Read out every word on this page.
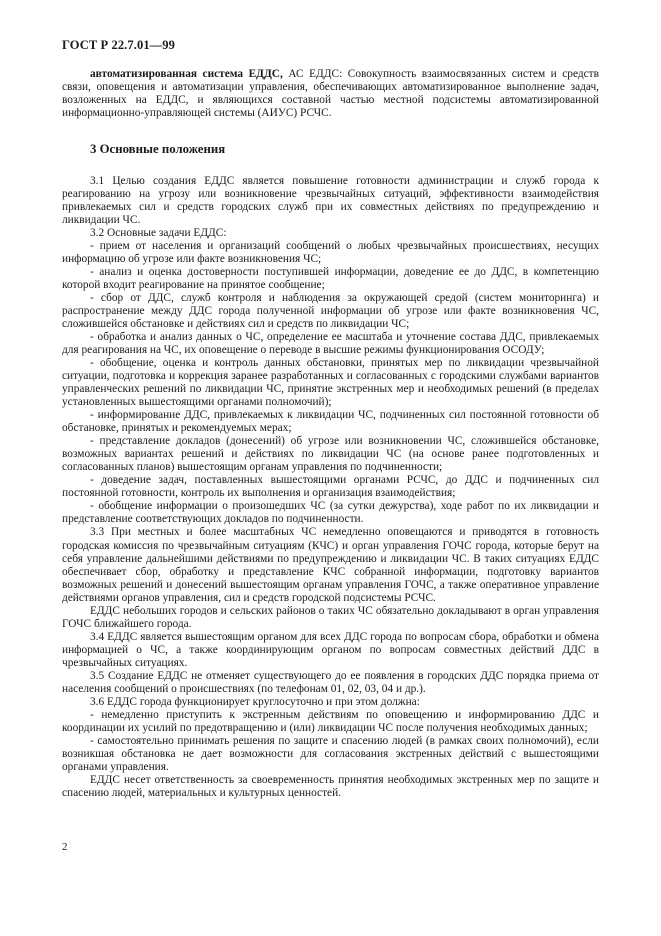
ГОСТ Р 22.7.01—99

автоматизированная система ЕДДС, АС ЕДДС: Совокупность взаимосвязанных систем и средств связи, оповещения и автоматизации управления, обеспечивающих автоматизированное выполнение задач, возложенных на ЕДДС, и являющихся составной частью местной подсистемы автоматизированной информационно-управляющей системы (АИУС) РСЧС.

3 Основные положения

3.1 Целью создания ЕДДС является повышение готовности администрации и служб города к реагированию на угрозу или возникновение чрезвычайных ситуаций, эффективности взаимодействия привлекаемых сил и средств городских служб при их совместных действиях по предупреждению и ликвидации ЧС.

3.2 Основные задачи ЕДДС:

- прием от населения и организаций сообщений о любых чрезвычайных происшествиях, несущих информацию об угрозе или факте возникновения ЧС;

- анализ и оценка достоверности поступившей информации, доведение ее до ДДС, в компетенцию которой входит реагирование на принятое сообщение;

- сбор от ДДС, служб контроля и наблюдения за окружающей средой (систем мониторинга) и распространение между ДДС города полученной информации об угрозе или факте возникновения ЧС, сложившейся обстановке и действиях сил и средств по ликвидации ЧС;

- обработка и анализ данных о ЧС, определение ее масштаба и уточнение состава ДДС, привлекаемых для реагирования на ЧС, их оповещение о переводе в высшие режимы функционирования ОСОДУ;

- обобщение, оценка и контроль данных обстановки, принятых мер по ликвидации чрезвычайной ситуации, подготовка и коррекция заранее разработанных и согласованных с городскими службами вариантов управленческих решений по ликвидации ЧС, принятие экстренных мер и необходимых решений (в пределах установленных вышестоящими органами полномочий);

- информирование ДДС, привлекаемых к ликвидации ЧС, подчиненных сил постоянной готовности об обстановке, принятых и рекомендуемых мерах;

- представление докладов (донесений) об угрозе или возникновении ЧС, сложившейся обстановке, возможных вариантах решений и действиях по ликвидации ЧС (на основе ранее подготовленных и согласованных планов) вышестоящим органам управления по подчиненности;

- доведение задач, поставленных вышестоящими органами РСЧС, до ДДС и подчиненных сил постоянной готовности, контроль их выполнения и организация взаимодействия;

- обобщение информации о произошедших ЧС (за сутки дежурства), ходе работ по их ликвидации и представление соответствующих докладов по подчиненности.

3.3 При местных и более масштабных ЧС немедленно оповещаются и приводятся в готовность городская комиссия по чрезвычайным ситуациям (КЧС) и орган управления ГОЧС города, которые берут на себя управление дальнейшими действиями по предупреждению и ликвидации ЧС. В таких ситуациях ЕДДС обеспечивает сбор, обработку и представление КЧС собранной информации, подготовку вариантов возможных решений и донесений вышестоящим органам управления ГОЧС, а также оперативное управление действиями органов управления, сил и средств городской подсистемы РСЧС.

ЕДДС небольших городов и сельских районов о таких ЧС обязательно докладывают в орган управления ГОЧС ближайшего города.

3.4 ЕДДС является вышестоящим органом для всех ДДС города по вопросам сбора, обработки и обмена информацией о ЧС, а также координирующим органом по вопросам совместных действий ДДС в чрезвычайных ситуациях.

3.5 Создание ЕДДС не отменяет существующего до ее появления в городских ДДС порядка приема от населения сообщений о происшествиях (по телефонам 01, 02, 03, 04 и др.).

3.6 ЕДДС города функционирует круглосуточно и при этом должна:

- немедленно приступить к экстренным действиям по оповещению и информированию ДДС и координации их усилий по предотвращению и (или) ликвидации ЧС после получения необходимых данных;

- самостоятельно принимать решения по защите и спасению людей (в рамках своих полномочий), если возникшая обстановка не дает возможности для согласования экстренных действий с вышестоящими органами управления.

ЕДДС несет ответственность за своевременность принятия необходимых экстренных мер по защите и спасению людей, материальных и культурных ценностей.

2
